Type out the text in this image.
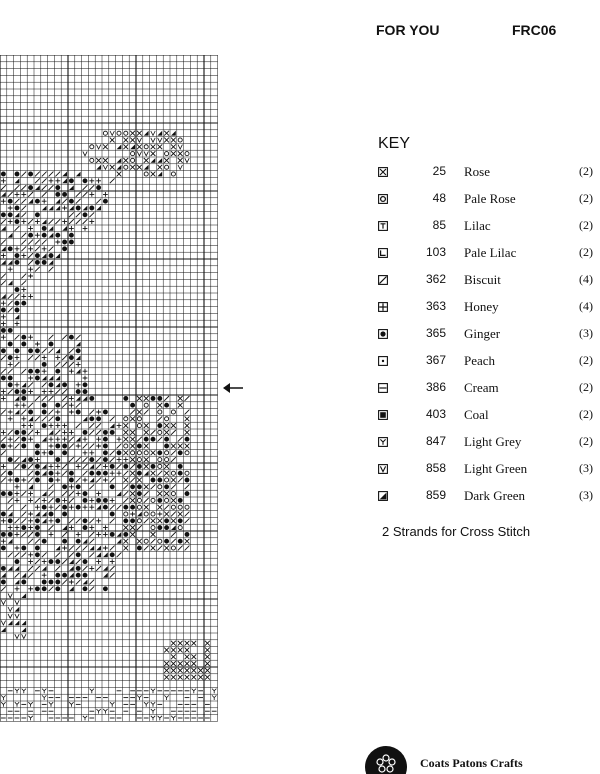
FOR YOU	FRC06
KEY
25 Rose	(2)
48 Pale Rose	(2)
85 Lilac	(2)
103 Pale Lilac	(2)
362 Biscuit	(4)
363 Honey	(4)
365 Ginger	(3)
367 Peach	(2)
386 Cream	(2)
403 Coal	(2)
847 Light Grey	(2)
858 Light Green	(3)
859 Dark Green	(3)
2 Strands for Cross Stitch
Coats Patons Crafts
